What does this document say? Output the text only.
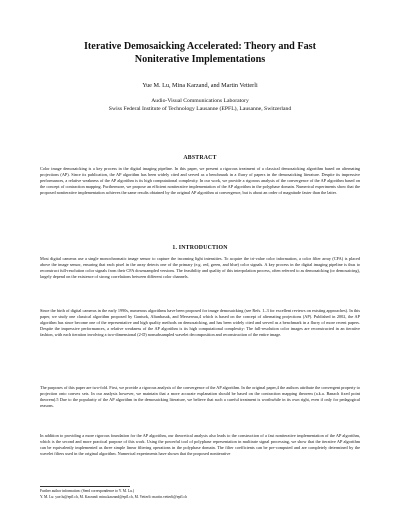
Iterative Demosaicking Accelerated: Theory and Fast
Noniterative Implementations
Yue M. Lu, Mina Karzand, and Martin Vetterli
Audio-Visual Communications Laboratory
Swiss Federal Institute of Technology Lausanne (EPFL), Lausanne, Switzerland
ABSTRACT

Color image demosaicking is a key process in the digital imaging pipeline. In this paper, we present a rigorous treatment of a classical demosaicking algorithm based on alternating projections (AP). Since its publication, the AP algorithm has been widely cited and served as a benchmark in a flurry of papers in the demosaicking literature. Despite its impressive performances, a relative weakness of the AP algorithm is its high computational complexity. In our work, we provide a rigorous analysis of the convergence of the AP algorithm based on the concept of contraction mapping. Furthermore, we propose an efficient noniterative implementation of the AP algorithm in the polyphase domain. Numerical experiments show that the proposed noniterative implementation achieves the same results obtained by the original AP algorithm at convergence, but is about an order of magnitude faster than the latter.

1. INTRODUCTION

Most digital cameras use a single monochromatic image sensor to capture the incoming light intensities. To acquire the tri-value color information, a color filter array (CFA) is placed above the image sensor, ensuring that each pixel in the array detects one of the primary (e.g. red, green, and blue) color signals. A key process in the digital imaging pipeline is thus to reconstruct full-resolution color signals from their CFA downsampled versions. The feasibility and quality of this interpolation process, often referred to as demosaicking (or demosaicing), largely depend on the existence of strong correlations between different color channels.

Since the birth of digital cameras in the early 1990s, numerous algorithms have been proposed for image demosaicking (see Refs. 1–3 for excellent reviews on existing approaches). In this paper, we study one classical algorithm proposed by Gunturk, Altunbasak, and Mersereau,4 which is based on the concept of alternating projections (AP). Published in 2002, the AP algorithm has since become one of the representative and high quality methods on demosaicking, and has been widely cited and served as a benchmark in a flurry of more recent papers. Despite the impressive performances, a relative weakness of the AP algorithm is its high computational complexity: The full-resolution color images are reconstructed in an iterative fashion, with each iteration involving a two-dimensional (2-D) nonsubsampled wavelet decomposition and reconstruction of the entire image.

The purposes of this paper are two-fold. First, we provide a rigorous analysis of the convergence of the AP algorithm. In the original paper,4 the authors attribute the convergent property to projection onto convex sets. In our analysis however, we maintain that a more accurate explanation should be based on the contraction mapping theorem (a.k.a. Banach fixed point theorem).5 Due to the popularity of the AP algorithm in the demosaicking literature, we believe that such a careful treatment is worthwhile in its own right, even if only for pedagogical reasons.

In addition to providing a more rigorous foundation for the AP algorithm, our theoretical analysis also leads to the construction of a fast noniterative implementation of the AP algorithm, which is the second and more practical purpose of this work. Using the powerful tool of polyphase representation in multirate signal processing, we show that the iterative AP algorithm can be equivalently implemented as three simple linear filtering operations in the polyphase domain. The filter coefficients can be pre-computed and are completely determined by the wavelet filters used in the original algorithm. Numerical experiments have shown that the proposed noniterative

Further author information: (Send correspondence to Y. M. Lu.)

Y. M. Lu: yue.lu@epfl.ch, M. Karzand: mina.karzand@epfl.ch, M. Vetterli: martin.vetterli@epfl.ch
